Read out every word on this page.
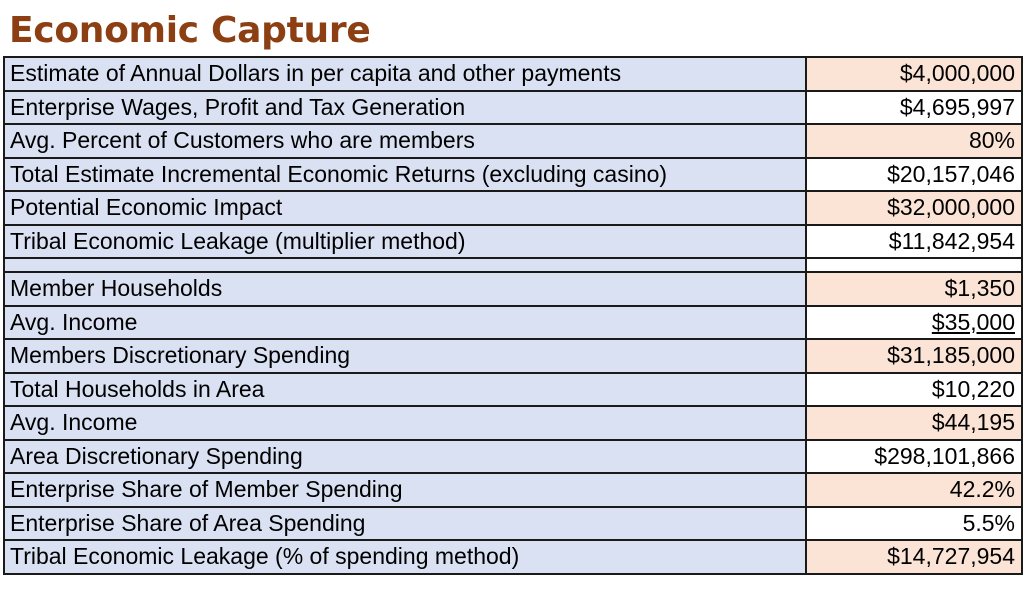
Economic Capture
Estimate of Annual Dollars in per capita and other payments	$4,000,000
Enterprise Wages, Profit and Tax Generation	$4,695,997
Avg. Percent of Customers who are members	80%
Total Estimate Incremental Economic Returns (excluding casino)	$20,157,046
Potential Economic Impact	$32,000,000
Tribal Economic Leakage (multiplier method)	$11,842,954

Member Households	$1,350
Avg. Income	$35,000
Members Discretionary Spending	$31,185,000
Total Households in Area	$10,220
Avg. Income	$44,195
Area Discretionary Spending	$298,101,866
Enterprise Share of Member Spending	42.2%
Enterprise Share of Area Spending	5.5%
Tribal Economic Leakage (% of spending method)	$14,727,954
